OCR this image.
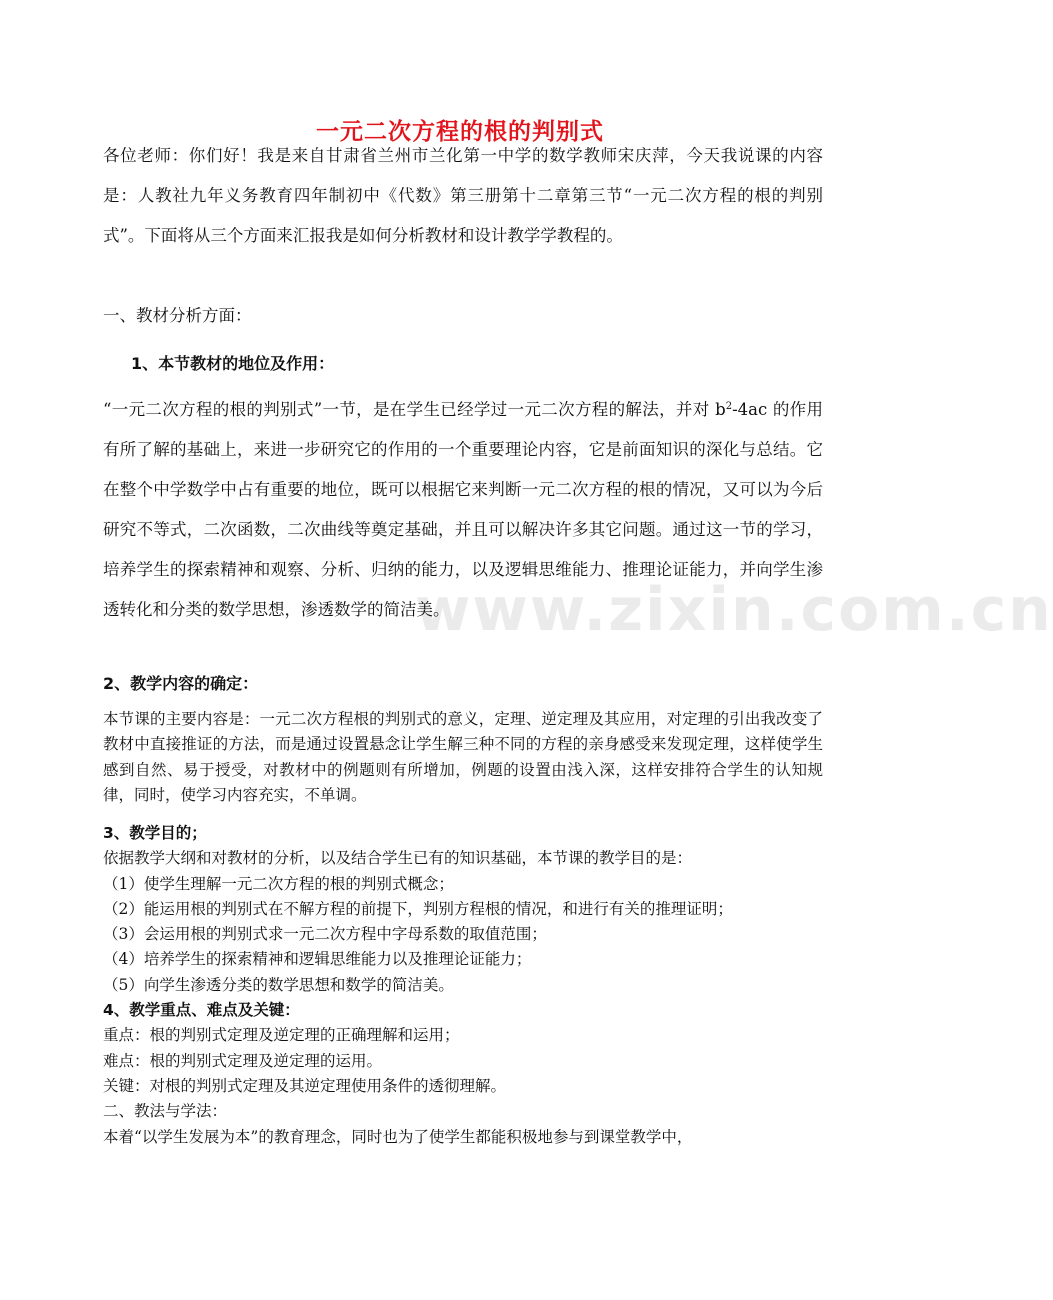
www.zixin.com.cn
一元二次方程的根的判别式
各位老师：你们好！我是来自甘肃省兰州市兰化第一中学的数学教师宋庆萍，今天我说课的内容是：人教社九年义务教育四年制初中《代数》第三册第十二章第三节“一元二次方程的根的判别式”。下面将从三个方面来汇报我是如何分析教材和设计教学学教程的。
一、教材分析方面：
1、本节教材的地位及作用：
“一元二次方程的根的判别式”一节，是在学生已经学过一元二次方程的解法，并对 $b^2-4ac$ 的作用有所了解的基础上，来进一步研究它的作用的一个重要理论内容，它是前面知识的深化与总结。它在整个中学数学中占有重要的地位，既可以根据它来判断一元二次方程的根的情况，又可以为今后研究不等式，二次函数，二次曲线等奠定基础，并且可以解决许多其它问题。通过这一节的学习，培养学生的探索精神和观察、分析、归纳的能力，以及逻辑思维能力、推理论证能力，并向学生渗透转化和分类的数学思想，渗透数学的简洁美。
2、教学内容的确定：
本节课的主要内容是：一元二次方程根的判别式的意义，定理、逆定理及其应用，对定理的引出我改变了教材中直接推证的方法，而是通过设置悬念让学生解三种不同的方程的亲身感受来发现定理，这样使学生感到自然、易于授受，对教材中的例题则有所增加，例题的设置由浅入深，这样安排符合学生的认知规律，同时，使学习内容充实，不单调。
3、教学目的；
依据教学大纲和对教材的分析，以及结合学生已有的知识基础，本节课的教学目的是：
（1）使学生理解一元二次方程的根的判别式概念；
（2）能运用根的判别式在不解方程的前提下，判别方程根的情况，和进行有关的推理证明；
（3）会运用根的判别式求一元二次方程中字母系数的取值范围；
（4）培养学生的探索精神和逻辑思维能力以及推理论证能力；
（5）向学生渗透分类的数学思想和数学的简洁美。
4、教学重点、难点及关键：
重点：根的判别式定理及逆定理的正确理解和运用；
难点：根的判别式定理及逆定理的运用。
关键：对根的判别式定理及其逆定理使用条件的透彻理解。
二、教法与学法：
本着“以学生发展为本”的教育理念，同时也为了使学生都能积极地参与到课堂教学中，
